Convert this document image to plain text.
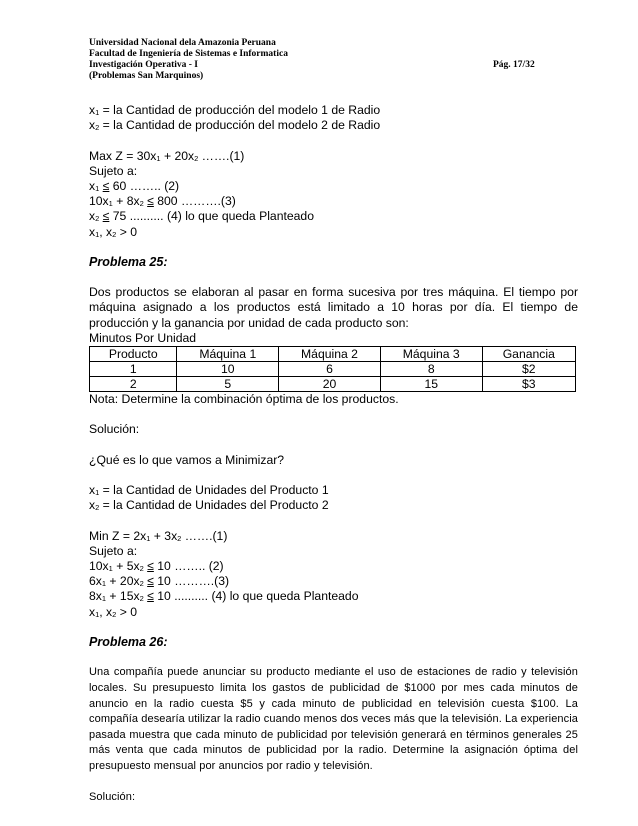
Universidad Nacional dela Amazonia Peruana
Facultad de Ingeniería de Sistemas e Informatica
Investigación Operativa - I
(Problemas San Marquinos)
Pág. 17/32
$x_1$ = la Cantidad de producción del modelo 1 de Radio
$x_2$ = la Cantidad de producción del modelo 2 de Radio
Max $Z = 30x_1 + 20x_2$ …….(1)
Sujeto a:
$x_1 \le 60$ …….. (2)
$10x_1 + 8x_2 \le 800$ ……….(3)
$x_2 \le 75$ .......... (4) lo que queda Planteado
$x_1$, $x_2 > 0$
Problema 25:
Dos productos se elaboran al pasar en forma sucesiva por tres máquina. El tiempo por máquina asignado a los productos está limitado a 10 horas por día. El tiempo de producción y la ganancia por unidad de cada producto son:
Minutos Por Unidad
Producto	Máquina 1	Máquina 2	Máquina 3	Ganancia
1	10	6	8	$2
2	5	20	15	$3
Nota: Determine la combinación óptima de los productos.
Solución:
¿Qué es lo que vamos a Minimizar?
$x_1$ = la Cantidad de Unidades del Producto 1
$x_2$ = la Cantidad de Unidades del Producto 2
Min $Z = 2x_1 + 3x_2$ …….(1)
Sujeto a:
$10x_1 + 5x_2 \le 10$ …….. (2)
$6x_1 + 20x_2 \le 10$ ……….(3)
$8x_1 + 15x_2 \le 10$ .......... (4) lo que queda Planteado
$x_1$, $x_2 > 0$
Problema 26:
Una compañía puede anunciar su producto mediante el uso de estaciones de radio y televisión locales. Su presupuesto limita los gastos de publicidad de $1000 por mes cada minutos de anuncio en la radio cuesta $5 y cada minuto de publicidad en televisión cuesta $100. La compañía desearía utilizar la radio cuando menos dos veces más que la televisión. La experiencia pasada muestra que cada minuto de publicidad por televisión generará en términos generales 25 más venta que cada minutos de publicidad por la radio. Determine la asignación óptima del presupuesto mensual por anuncios por radio y televisión.
Solución:
